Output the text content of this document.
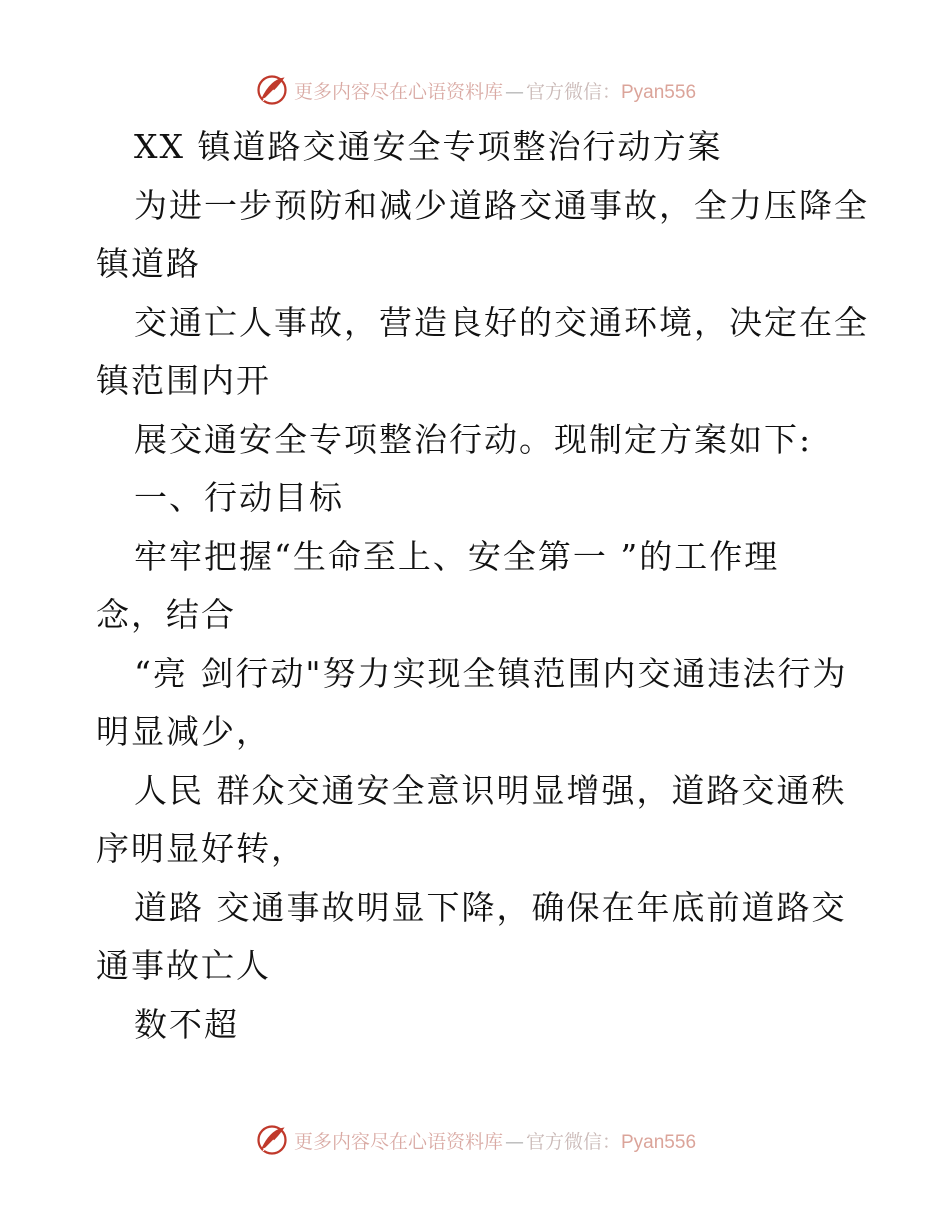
更多内容尽在心语资料库 — 官方微信：Pyan556
XX 镇道路交通安全专项整治行动方案
为进一步预防和减少道路交通事故，全力压降全
镇道路
交通亡人事故，营造良好的交通环境，决定在全
镇范围内开
展交通安全专项整治行动。现制定方案如下:
一、行动目标
牢牢把握“生命至上、安全第一 ”的工作理
念，结合
“亮 剑行动"努力实现全镇范围内交通违法行为
明显减少，
人民 群众交通安全意识明显增强，道路交通秩
序明显好转，
道路 交通事故明显下降，确保在年底前道路交
通事故亡人
数不超
更多内容尽在心语资料库 — 官方微信：Pyan556
